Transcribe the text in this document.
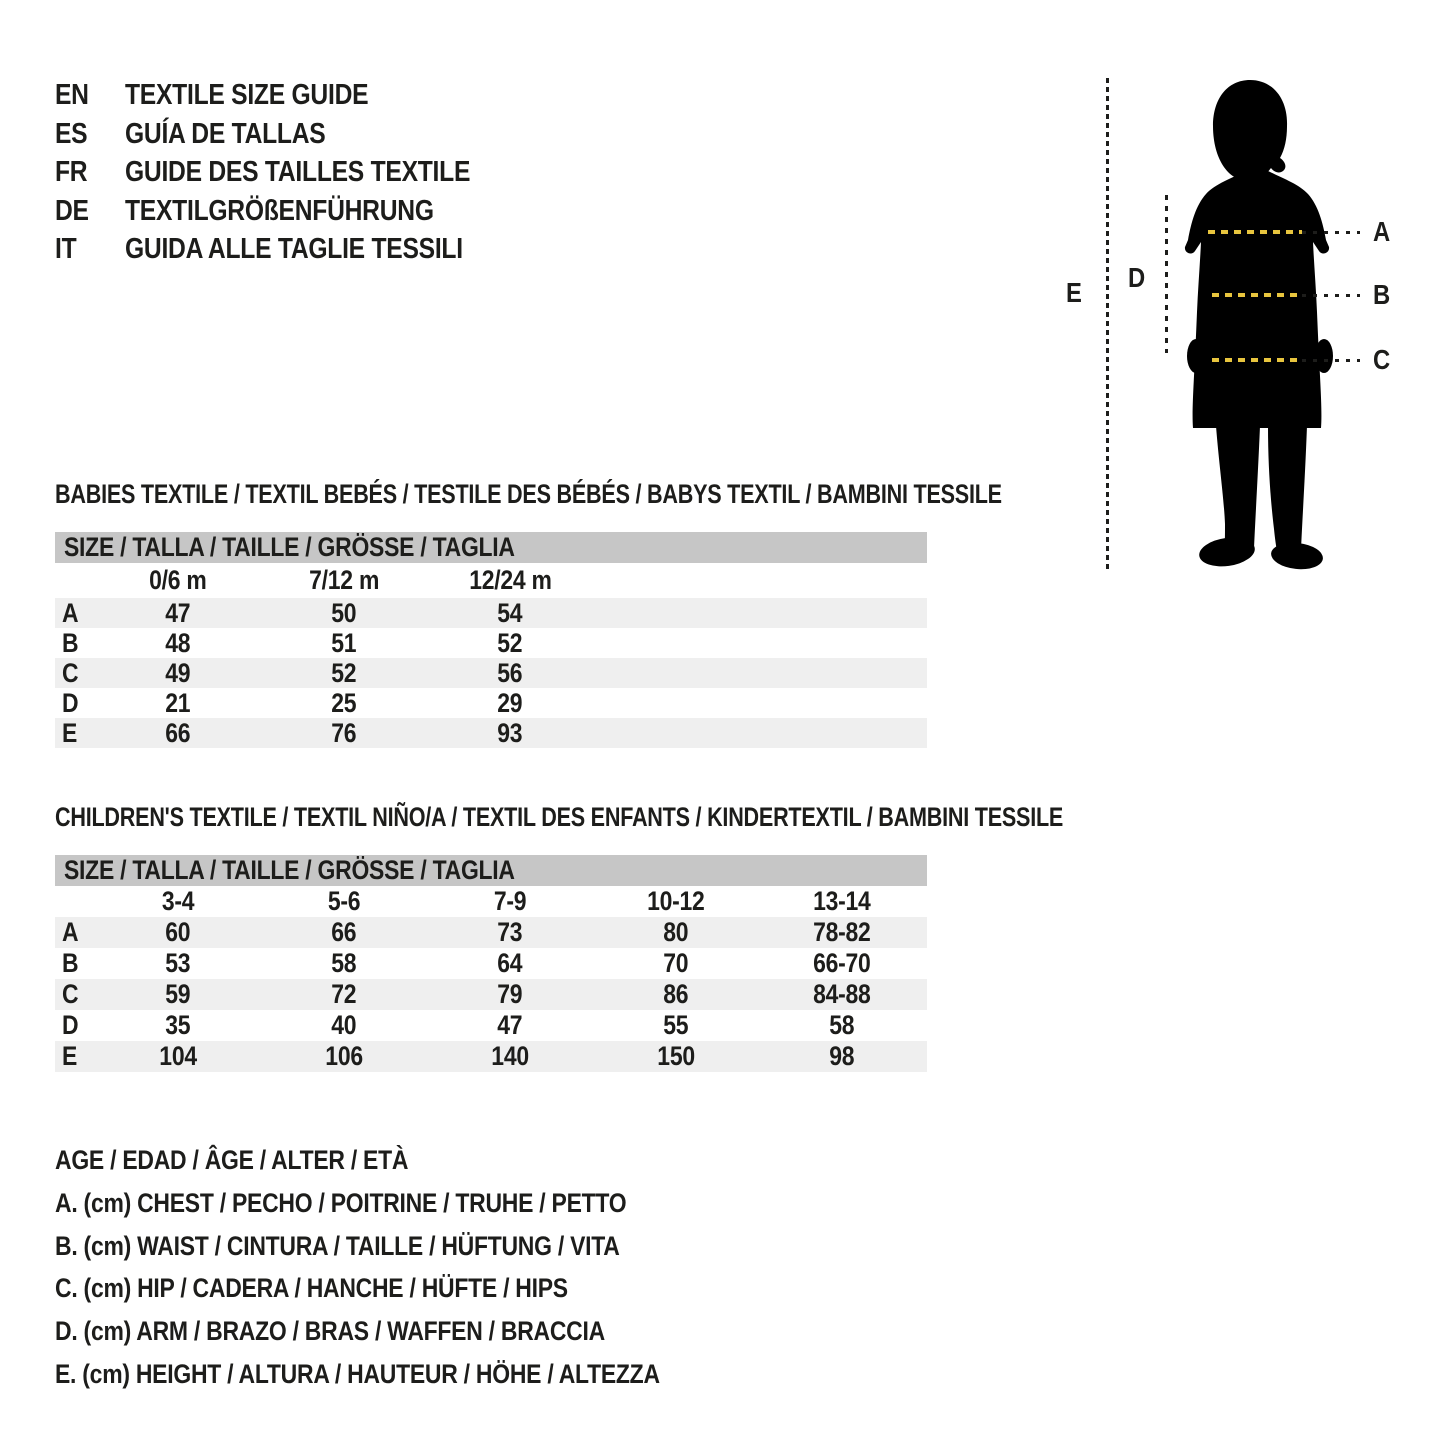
EN	TEXTILE SIZE GUIDE
ES	GUÍA DE TALLAS
FR	GUIDE DES TAILLES TEXTILE
DE	TEXTILGRÖßENFÜHRUNG
IT	GUIDA ALLE TAGLIE TESSILI
E D
A
B
C
BABIES TEXTILE / TEXTIL BEBÉS / TESTILE DES BÉBÉS / BABYS TEXTIL / BAMBINI TESSILE
SIZE / TALLA / TAILLE / GRÖSSE / TAGLIA
0/6 m	7/12 m	12/24 m
A	47	50	54
B	48	51	52
C	49	52	56
D	21	25	29
E	66	76	93
CHILDREN'S TEXTILE / TEXTIL NIÑO/A / TEXTIL DES ENFANTS / KINDERTEXTIL / BAMBINI TESSILE
SIZE / TALLA / TAILLE / GRÖSSE / TAGLIA
3-4	5-6	7-9	10-12	13-14
A	60	66	73	80	78-82
B	53	58	64	70	66-70
C	59	72	79	86	84-88
D	35	40	47	55	58
E	104	106	140	150	98
AGE / EDAD / ÂGE / ALTER / ETÀ
A. (cm) CHEST / PECHO / POITRINE / TRUHE / PETTO
B. (cm) WAIST / CINTURA / TAILLE / HÜFTUNG / VITA
C. (cm) HIP / CADERA / HANCHE / HÜFTE / HIPS
D. (cm) ARM / BRAZO / BRAS / WAFFEN / BRACCIA
E. (cm) HEIGHT / ALTURA / HAUTEUR / HÖHE / ALTEZZA
